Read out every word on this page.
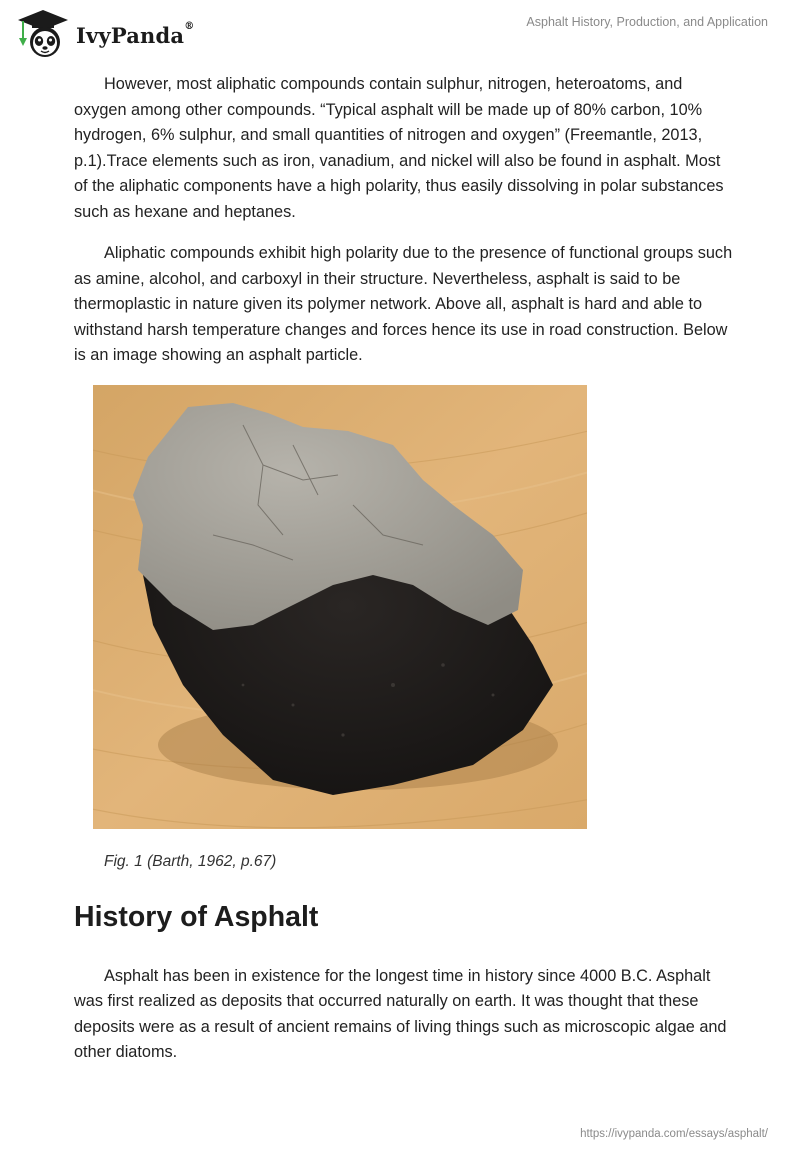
IvyPanda®	Asphalt History, Production, and Application

However, most aliphatic compounds contain sulphur, nitrogen, heteroatoms, and oxygen among other compounds. “Typical asphalt will be made up of 80% carbon, 10% hydrogen, 6% sulphur, and small quantities of nitrogen and oxygen” (Freemantle, 2013, p.1).Trace elements such as iron, vanadium, and nickel will also be found in asphalt. Most of the aliphatic components have a high polarity, thus easily dissolving in polar substances such as hexane and heptanes.

Aliphatic compounds exhibit high polarity due to the presence of functional groups such as amine, alcohol, and carboxyl in their structure. Nevertheless, asphalt is said to be thermoplastic in nature given its polymer network. Above all, asphalt is hard and able to withstand harsh temperature changes and forces hence its use in road construction. Below is an image showing an asphalt particle.

Fig. 1 (Barth, 1962, p.67)
History of Asphalt

Asphalt has been in existence for the longest time in history since 4000 B.C. Asphalt was first realized as deposits that occurred naturally on earth. It was thought that these deposits were as a result of ancient remains of living things such as microscopic algae and other diatoms.

https://ivypanda.com/essays/asphalt/
